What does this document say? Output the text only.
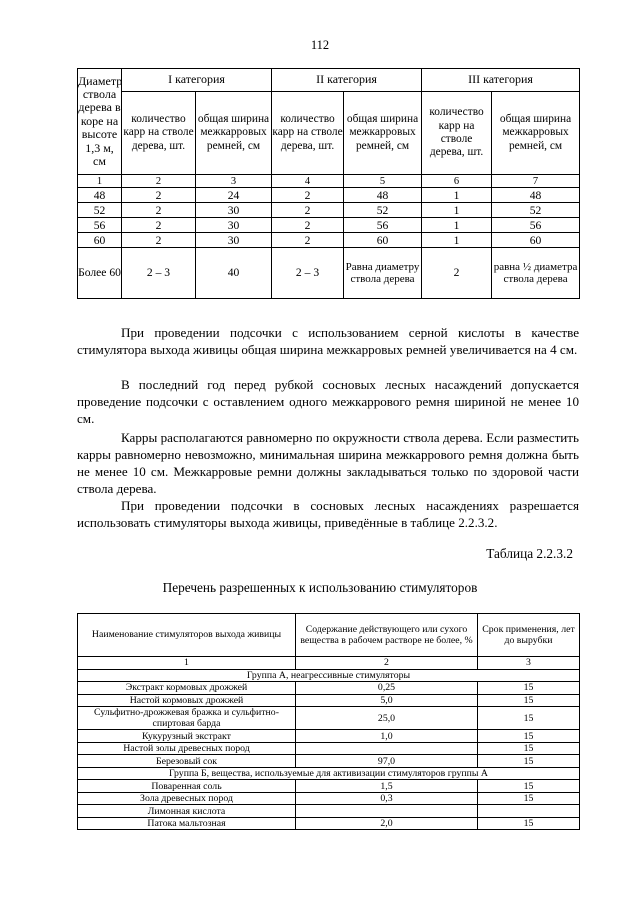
112
Диаметр ствола дерева в коре на высоте 1,3 м, см	I категория		II категория		III категория	
	количество карр на стволе дерева, шт.	общая ширина межкарровых ремней, см	количество карр на стволе дерева, шт.	общая ширина межкарровых ремней, см	количество карр на стволе дерева, шт.	общая ширина межкарровых ремней, см
1	2	3	4	5	6	7
48	2	24	2	48	1	48
52	2	30	2	52	1	52
56	2	30	2	56	1	56
60	2	30	2	60	1	60
Более 60	2 – 3	40	2 – 3	Равна диаметру ствола дерева	2	равна ½ диаметра ствола дерева

При проведении подсочки с использованием серной кислоты в качестве стимулятора выхода живицы общая ширина межкарровых ремней увеличивается на 4 см.

В последний год перед рубкой сосновых лесных насаждений допускается проведение подсочки с оставлением одного межкаррового ремня шириной не менее 10 см.

Карры располагаются равномерно по окружности ствола дерева. Если разместить карры равномерно невозможно, минимальная ширина межкаррового ремня должна быть не менее 10 см. Межкарровые ремни должны закладываться только по здоровой части ствола дерева.

При проведении подсочки в сосновых лесных насаждениях разрешается использовать стимуляторы выхода живицы, приведённые в таблице 2.2.3.2.

Таблица 2.2.3.2
Перечень разрешенных к использованию стимуляторов
Наименование стимуляторов выхода живицы	Содержание действующего или сухого вещества в рабочем растворе не более, %	Срок применения, лет до вырубки
1	2	3
Группа А, неагрессивные стимуляторы		
Экстракт кормовых дрожжей	0,25	15
Настой кормовых дрожжей	5,0	15
Сульфитно-дрожжевая бражка и сульфитно-спиртовая барда	25,0	15
Кукурузный экстракт	1,0	15
Настой золы древесных пород		15
Березовый сок	97,0	15
Группа Б, вещества, используемые для активизации стимуляторов группы А		
Поваренная соль	1,5	15
Зола древесных пород	0,3	15
Лимонная кислота		
Патока мальтозная	2,0	15
